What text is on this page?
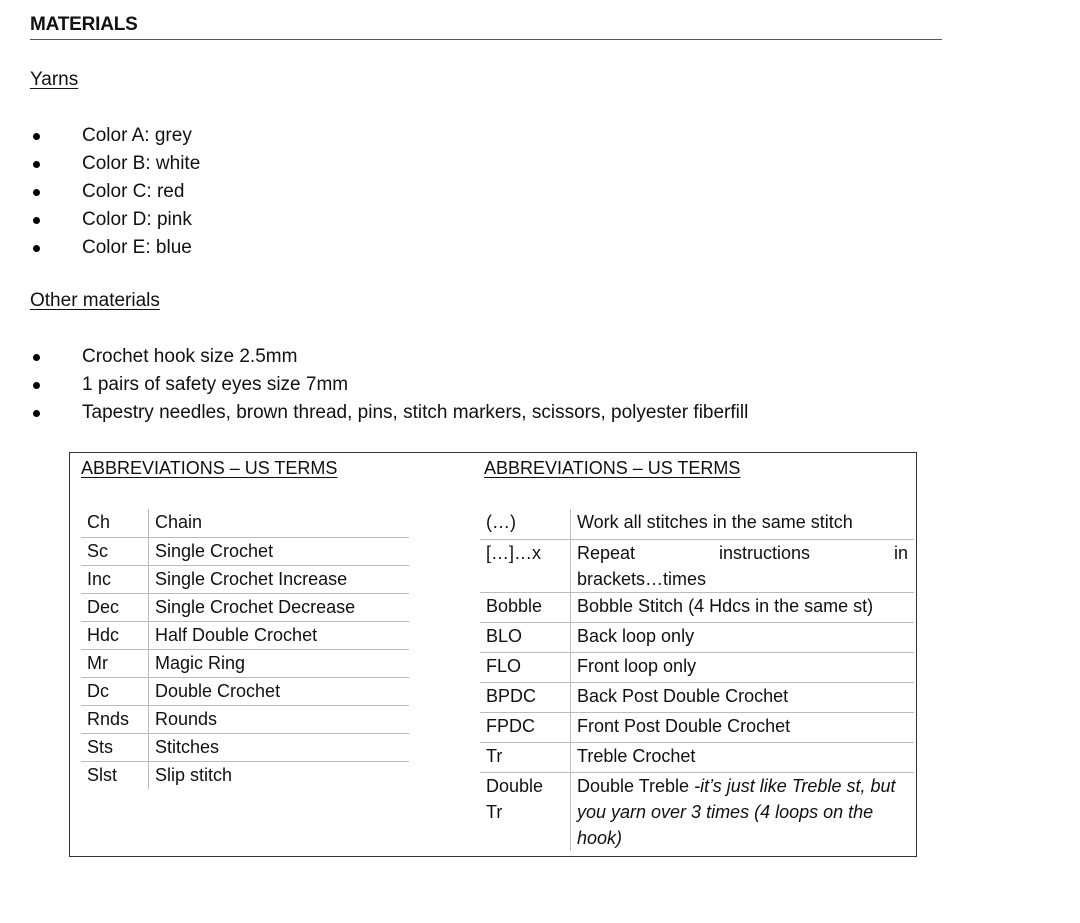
MATERIALS
Yarns
Color A: grey
Color B: white
Color C: red
Color D: pink
Color E: blue
Other materials
Crochet hook size 2.5mm
1 pairs of safety eyes size 7mm
Tapestry needles, brown thread, pins, stitch markers, scissors, polyester fiberfill
ABBREVIATIONS – US TERMS	ABBREVIATIONS – US TERMS
Ch	Chain
Sc	Single Crochet
Inc	Single Crochet Increase
Dec	Single Crochet Decrease
Hdc	Half Double Crochet
Mr	Magic Ring
Dc	Double Crochet
Rnds	Rounds
Sts	Stitches
Slst	Slip stitch
(…)	Work all stitches in the same stitch
[…]…x	Repeat instructions in
brackets…times

Bobble	Bobble Stitch (4 Hdcs in the same st)
BLO	Back loop only
FLO	Front loop only
BPDC	Back Post Double Crochet
FPDC	Front Post Double Crochet
Tr	Treble Crochet

Double
Tr	Double Treble -it’s just like Treble st, but you yarn over 3 times (4 loops on the hook)
